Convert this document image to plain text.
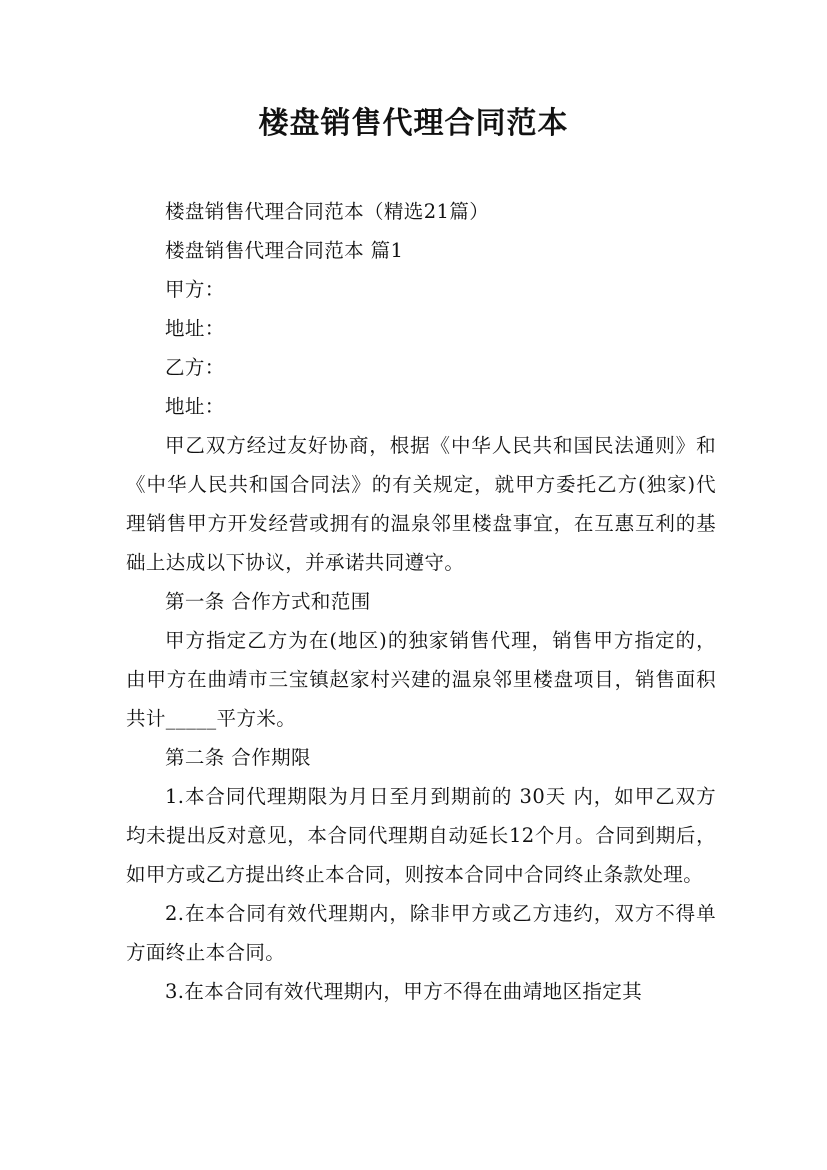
楼盘销售代理合同范本

楼盘销售代理合同范本（精选21篇）

楼盘销售代理合同范本 篇1

甲方：

地址：

乙方：

地址：

甲乙双方经过友好协商，根据《中华人民共和国民法通则》和《中华人民共和国合同法》的有关规定，就甲方委托乙方(独家)代理销售甲方开发经营或拥有的温泉邻里楼盘事宜，在互惠互利的基础上达成以下协议，并承诺共同遵守。

第一条 合作方式和范围

甲方指定乙方为在(地区)的独家销售代理，销售甲方指定的，由甲方在曲靖市三宝镇赵家村兴建的温泉邻里楼盘项目，销售面积共计_____平方米。

第二条 合作期限

1.本合同代理期限为月日至月到期前的 30天 内，如甲乙双方均未提出反对意见，本合同代理期自动延长12个月。合同到期后，如甲方或乙方提出终止本合同，则按本合同中合同终止条款处理。

2.在本合同有效代理期内，除非甲方或乙方违约，双方不得单方面终止本合同。

3.在本合同有效代理期内，甲方不得在曲靖地区指定其
